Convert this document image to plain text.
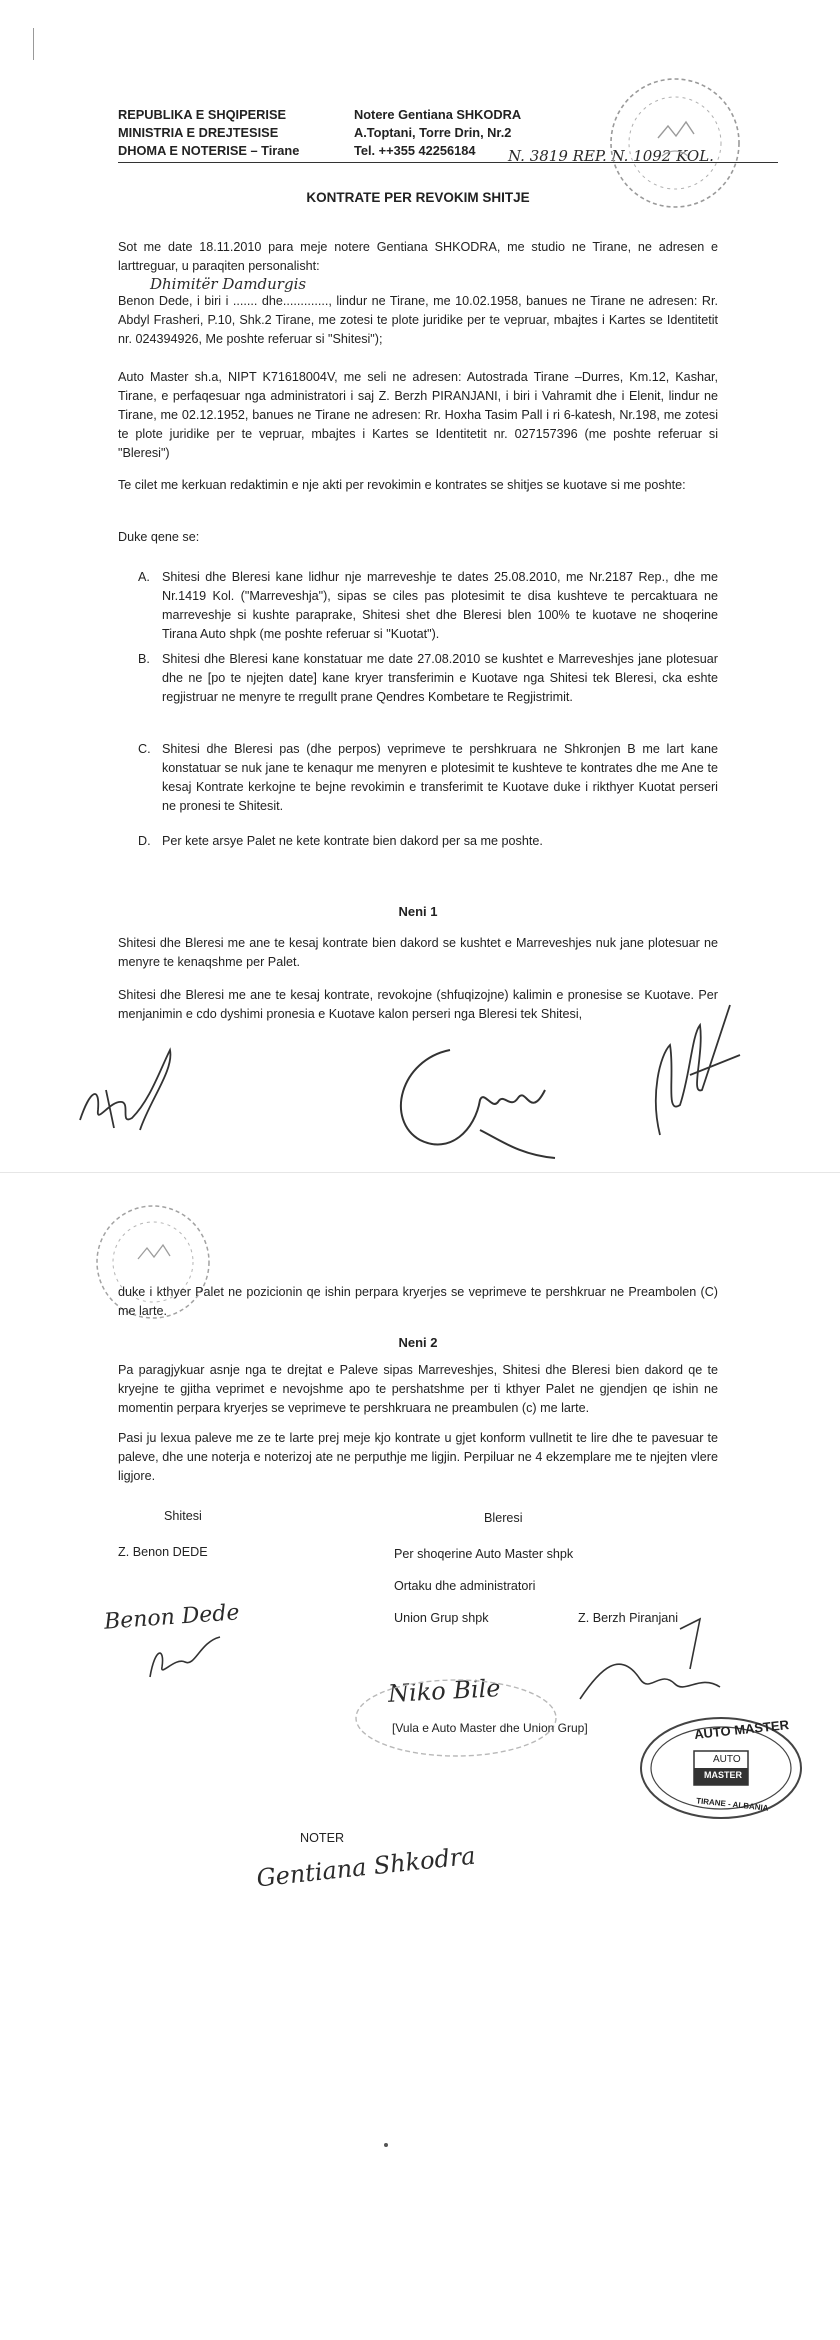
REPUBLIKA E SHQIPERISE
MINISTRIA E DREJTESISE
DHOMA E NOTERISE – Tirane
Notere Gentiana SHKODRA
A.Toptani, Torre Drin, Nr.2
Tel. ++355 42256184	N. 3819 REP. N. 1092 KOL.
KONTRATE PER REVOKIM SHITJE
Sot me date 18.11.2010 para meje notere Gentiana SHKODRA, me studio ne Tirane, ne adresen e larttreguar, u paraqiten personalisht:
Dhimitër Damdurgis
Benon Dede, i biri i ....... dhe............., lindur ne Tirane, me 10.02.1958, banues ne Tirane ne adresen: Rr. Abdyl Frasheri, P.10, Shk.2 Tirane, me zotesi te plote juridike per te vepruar, mbajtes i Kartes se Identitetit nr. 024394926, Me poshte referuar si "Shitesi");
Auto Master sh.a, NIPT K71618004V, me seli ne adresen: Autostrada Tirane –Durres, Km.12, Kashar, Tirane, e perfaqesuar nga administratori i saj Z. Berzh PIRANJANI, i biri i Vahramit dhe i Elenit, lindur ne Tirane, me 02.12.1952, banues ne Tirane ne adresen: Rr. Hoxha Tasim Pall i ri 6-katesh, Nr.198, me zotesi te plote juridike per te vepruar, mbajtes i Kartes se Identitetit nr. 027157396 (me poshte referuar si "Bleresi")
Te cilet me kerkuan redaktimin e nje akti per revokimin e kontrates se shitjes se kuotave si me poshte:
Duke qene se:
A. Shitesi dhe Bleresi kane lidhur nje marreveshje te dates 25.08.2010, me Nr.2187 Rep., dhe me Nr.1419 Kol. ("Marreveshja"), sipas se ciles pas plotesimit te disa kushteve te percaktuara ne marreveshje si kushte paraprake, Shitesi shet dhe Bleresi blen 100% te kuotave ne shoqerine Tirana Auto shpk (me poshte referuar si "Kuotat").
B. Shitesi dhe Bleresi kane konstatuar me date 27.08.2010 se kushtet e Marreveshjes jane plotesuar dhe ne [po te njejten date] kane kryer transferimin e Kuotave nga Shitesi tek Bleresi, cka eshte regjistruar ne menyre te rregullt prane Qendres Kombetare te Regjistrimit.
C. Shitesi dhe Bleresi pas (dhe perpos) veprimeve te pershkruara ne Shkronjen B me lart kane konstatuar se nuk jane te kenaqur me menyren e plotesimit te kushteve te kontrates dhe me Ane te kesaj Kontrate kerkojne te bejne revokimin e transferimit te Kuotave duke i rikthyer Kuotat perseri ne pronesi te Shitesit.
D. Per kete arsye Palet ne kete kontrate bien dakord per sa me poshte.
Neni 1
Shitesi dhe Bleresi me ane te kesaj kontrate bien dakord se kushtet e Marreveshjes nuk jane plotesuar ne menyre te kenaqshme per Palet.
Shitesi dhe Bleresi me ane te kesaj kontrate, revokojne (shfuqizojne) kalimin e pronesise se Kuotave. Per menjanimin e cdo dyshimi pronesia e Kuotave kalon perseri nga Bleresi tek Shitesi,
duke i kthyer Palet ne pozicionin qe ishin perpara kryerjes se veprimeve te pershkruar ne Preambolen (C) me larte.
Neni 2
Pa paragjykuar asnje nga te drejtat e Paleve sipas Marreveshjes, Shitesi dhe Bleresi bien dakord qe te kryejne te gjitha veprimet e nevojshme apo te pershatshme per ti kthyer Palet ne gjendjen qe ishin ne momentin perpara kryerjes se veprimeve te pershkruara ne preambulen (c) me larte.
Pasi ju lexua paleve me ze te larte prej meje kjo kontrate u gjet konform vullnetit te lire dhe te pavesuar te paleve, dhe une noterja e noterizoj ate ne perputhje me ligjin. Perpiluar ne 4 ekzemplare me te njejten vlere ligjore.
Shitesi
Z. Benon DEDE
Bleresi
Per shoqerine Auto Master shpk
Ortaku dhe administratori
Union Grup shpk	Z. Berzh Piranjani
Benon Dede
Niko Bile
[Vula e Auto Master dhe Union Grup]	AUTO MASTER
AUTO
MASTER
TIRANE - ALBANIA
NOTER
Gentiana Shkodra
